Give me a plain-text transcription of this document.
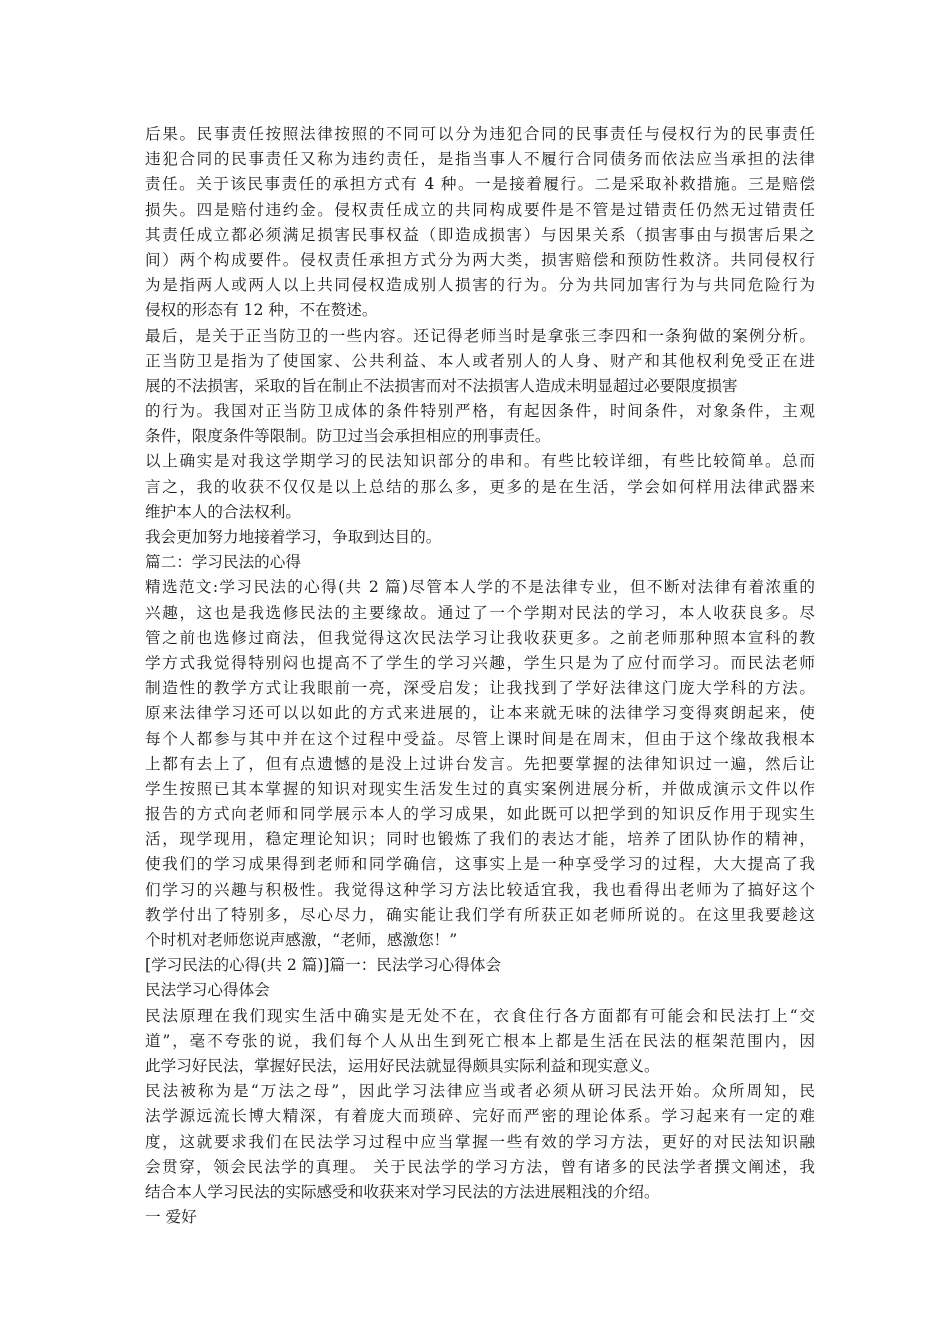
后果。民事责任按照法律按照的不同可以分为违犯合同的民事责任与侵权行为的民事责任
违犯合同的民事责任又称为违约责任，是指当事人不履行合同债务而依法应当承担的法律
责任。关于该民事责任的承担方式有 4 种。一是接着履行。二是采取补救措施。三是赔偿
损失。四是赔付违约金。侵权责任成立的共同构成要件是不管是过错责任仍然无过错责任
其责任成立都必须满足损害民事权益（即造成损害）与因果关系（损害事由与损害后果之
间）两个构成要件。侵权责任承担方式分为两大类，损害赔偿和预防性救济。共同侵权行
为是指两人或两人以上共同侵权造成别人损害的行为。分为共同加害行为与共同危险行为
侵权的形态有 12 种，不在赘述。
最后，是关于正当防卫的一些内容。还记得老师当时是拿张三李四和一条狗做的案例分析。
正当防卫是指为了使国家、公共利益、本人或者别人的人身、财产和其他权利免受正在进
展的不法损害，采取的旨在制止不法损害而对不法损害人造成未明显超过必要限度损害
的行为。我国对正当防卫成体的条件特别严格，有起因条件，时间条件，对象条件，主观
条件，限度条件等限制。防卫过当会承担相应的刑事责任。
以上确实是对我这学期学习的民法知识部分的串和。有些比较详细，有些比较简单。总而
言之，我的收获不仅仅是以上总结的那么多，更多的是在生活，学会如何样用法律武器来
维护本人的合法权利。
我会更加努力地接着学习，争取到达目的。
篇二：学习民法的心得
精选范文:学习民法的心得(共 2 篇)尽管本人学的不是法律专业，但不断对法律有着浓重的
兴趣，这也是我选修民法的主要缘故。通过了一个学期对民法的学习，本人收获良多。尽
管之前也选修过商法，但我觉得这次民法学习让我收获更多。之前老师那种照本宣科的教
学方式我觉得特别闷也提高不了学生的学习兴趣，学生只是为了应付而学习。而民法老师
制造性的教学方式让我眼前一亮，深受启发；让我找到了学好法律这门庞大学科的方法。
原来法律学习还可以以如此的方式来进展的，让本来就无味的法律学习变得爽朗起来，使
每个人都参与其中并在这个过程中受益。尽管上课时间是在周末，但由于这个缘故我根本
上都有去上了，但有点遗憾的是没上过讲台发言。先把要掌握的法律知识过一遍，然后让
学生按照已其本掌握的知识对现实生活发生过的真实案例进展分析，并做成演示文件以作
报告的方式向老师和同学展示本人的学习成果，如此既可以把学到的知识反作用于现实生
活，现学现用，稳定理论知识；同时也锻炼了我们的表达才能，培养了团队协作的精神，
使我们的学习成果得到老师和同学确信，这事实上是一种享受学习的过程，大大提高了我
们学习的兴趣与积极性。我觉得这种学习方法比较适宜我，我也看得出老师为了搞好这个
教学付出了特别多，尽心尽力，确实能让我们学有所获正如老师所说的。在这里我要趁这
个时机对老师您说声感激，“老师，感激您！”
[学习民法的心得(共 2 篇)]篇一：民法学习心得体会
民法学习心得体会
民法原理在我们现实生活中确实是无处不在，衣食住行各方面都有可能会和民法打上“交
道”，毫不夸张的说，我们每个人从出生到死亡根本上都是生活在民法的框架范围内，因
此学习好民法，掌握好民法，运用好民法就显得颇具实际利益和现实意义。
民法被称为是“万法之母”，因此学习法律应当或者必须从研习民法开始。众所周知，民
法学源远流长博大精深，有着庞大而琐碎、完好而严密的理论体系。学习起来有一定的难
度，这就要求我们在民法学习过程中应当掌握一些有效的学习方法，更好的对民法知识融
会贯穿，领会民法学的真理。 关于民法学的学习方法，曾有诸多的民法学者撰文阐述，我
结合本人学习民法的实际感受和收获来对学习民法的方法进展粗浅的介绍。
一 爱好
